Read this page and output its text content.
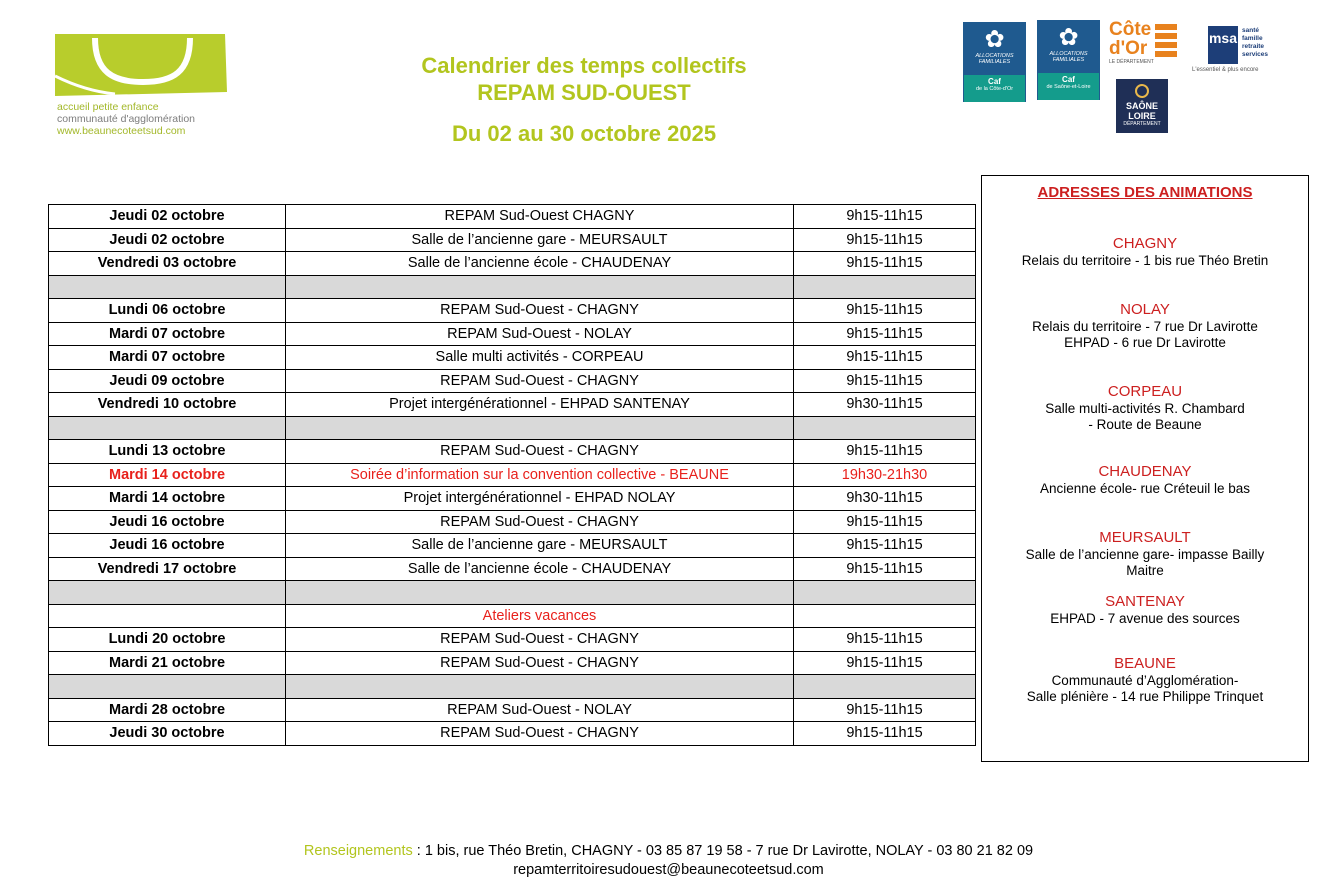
accueil petite enfance
communauté d'agglomération
www.beaunecoteetsud.com
Calendrier des temps collectifs
REPAM SUD-OUEST
Du 02 au 30 octobre 2025
✿
ALLOCATIONS FAMILIALES
Caf
de la Côte-d'Or
✿
ALLOCATIONS FAMILIALES
Caf
de Saône-et-Loire
Côte d'Or
LE DÉPARTEMENT
msa santé
famille
retraite
services
L'essentiel & plus encore
SAÔNE
LOIRE
DÉPARTEMENT
Jeudi 02 octobre	REPAM Sud-Ouest CHAGNY	9h15-11h15
Jeudi 02 octobre	Salle de l’ancienne gare - MEURSAULT	9h15-11h15
Vendredi 03 octobre	Salle de l’ancienne école - CHAUDENAY	9h15-11h15

Lundi 06 octobre	REPAM Sud-Ouest - CHAGNY	9h15-11h15
Mardi 07 octobre	REPAM Sud-Ouest - NOLAY	9h15-11h15
Mardi 07 octobre	Salle multi activités - CORPEAU	9h15-11h15
Jeudi 09 octobre	REPAM Sud-Ouest - CHAGNY	9h15-11h15
Vendredi 10 octobre	Projet intergénérationnel - EHPAD SANTENAY	9h30-11h15

Lundi 13 octobre	REPAM Sud-Ouest - CHAGNY	9h15-11h15
Mardi 14 octobre	Soirée d’information sur la convention collective - BEAUNE	19h30-21h30
Mardi 14 octobre	Projet intergénérationnel - EHPAD NOLAY	9h30-11h15
Jeudi 16 octobre	REPAM Sud-Ouest - CHAGNY	9h15-11h15
Jeudi 16 octobre	Salle de l’ancienne gare - MEURSAULT	9h15-11h15
Vendredi 17 octobre	Salle de l’ancienne école - CHAUDENAY	9h15-11h15

	Ateliers vacances	
Lundi 20 octobre	REPAM Sud-Ouest - CHAGNY	9h15-11h15
Mardi 21 octobre	REPAM Sud-Ouest - CHAGNY	9h15-11h15

Mardi 28 octobre	REPAM Sud-Ouest - NOLAY	9h15-11h15
Jeudi 30 octobre	REPAM Sud-Ouest - CHAGNY	9h15-11h15
ADRESSES DES ANIMATIONS
CHAGNY
Relais du territoire - 1 bis rue Théo Bretin
NOLAY
Relais du territoire - 7 rue Dr Lavirotte
EHPAD - 6 rue Dr Lavirotte
CORPEAU
Salle multi-activités R. Chambard
- Route de Beaune
CHAUDENAY
Ancienne école- rue Créteuil le bas
MEURSAULT
Salle de l’ancienne gare- impasse Bailly
Maitre
SANTENAY
EHPAD - 7 avenue des sources
BEAUNE
Communauté d’Agglomération-
Salle plénière - 14 rue Philippe Trinquet
Renseignements : 1 bis, rue Théo Bretin, CHAGNY - 03 85 87 19 58 - 7 rue Dr Lavirotte, NOLAY - 03 80 21 82 09
repamterritoiresudouest@beaunecoteetsud.com
